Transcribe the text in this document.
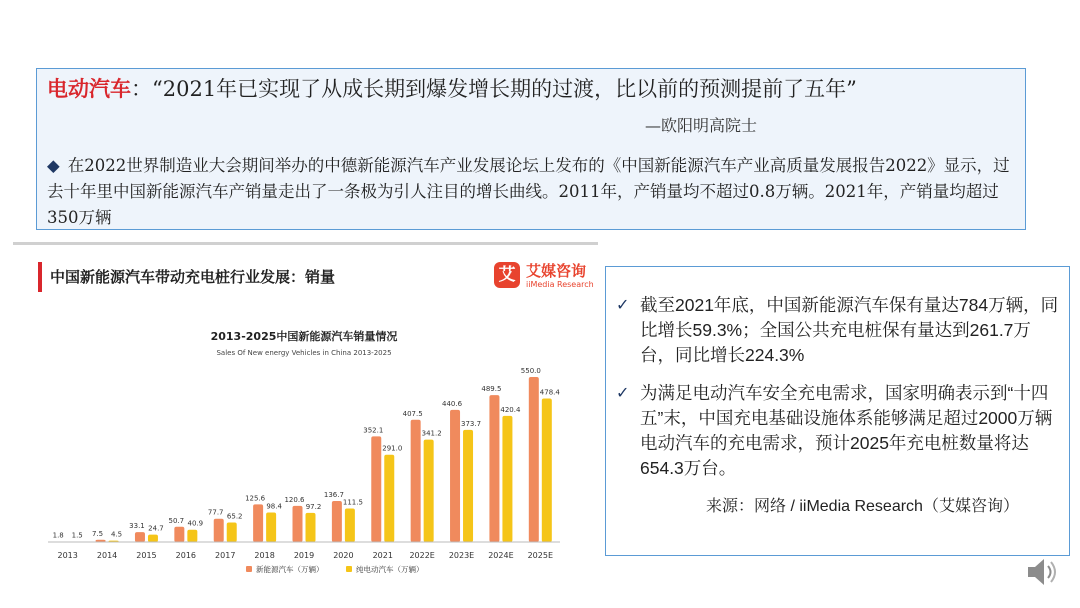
电动汽车：“2021年已实现了从成长期到爆发增长期的过渡，比以前的预测提前了五年”
—欧阳明高院士
◆ 在2022世界制造业大会期间举办的中德新能源汽车产业发展论坛上发布的《中国新能源汽车产业高质量发展报告2022》显示，过去十年里中国新能源汽车产销量走出了一条极为引人注目的增长曲线。2011年，产销量均不超过0.8万辆。2021年，产销量均超过350万辆
中国新能源汽车带动充电桩行业发展：销量	艾 艾媒咨询
iiMedia Research
2013-2025中国新能源汽车销量情况
Sales Of New energy Vehicles in China 2013-2025
1.8 1.5 7.5 4.5
33.1 24.7
50.7 40.9
77.7 65.2
125.6
98.4
120.6
97.2
136.7
111.5
352.1
291.0
407.5
341.2
440.6
373.7
489.5
420.4
550.0
478.4
2013 2014 2015 2016 2017 2018 2019 2020 2021 2022E 2023E 2024E 2025E
新能源汽车（万辆）	纯电动汽车（万辆）
✓ 截至2021年底，中国新能源汽车保有量达784万辆，同比增长59.3%；全国公共充电桩保有量达到261.7万台，同比增长224.3%
✓ 为满足电动汽车安全充电需求，国家明确表示到“十四五”末，中国充电基础设施体系能够满足超过2000万辆电动汽车的充电需求，预计2025年充电桩数量将达654.3万台。
来源：网络 / iiMedia Research（艾媒咨询）
